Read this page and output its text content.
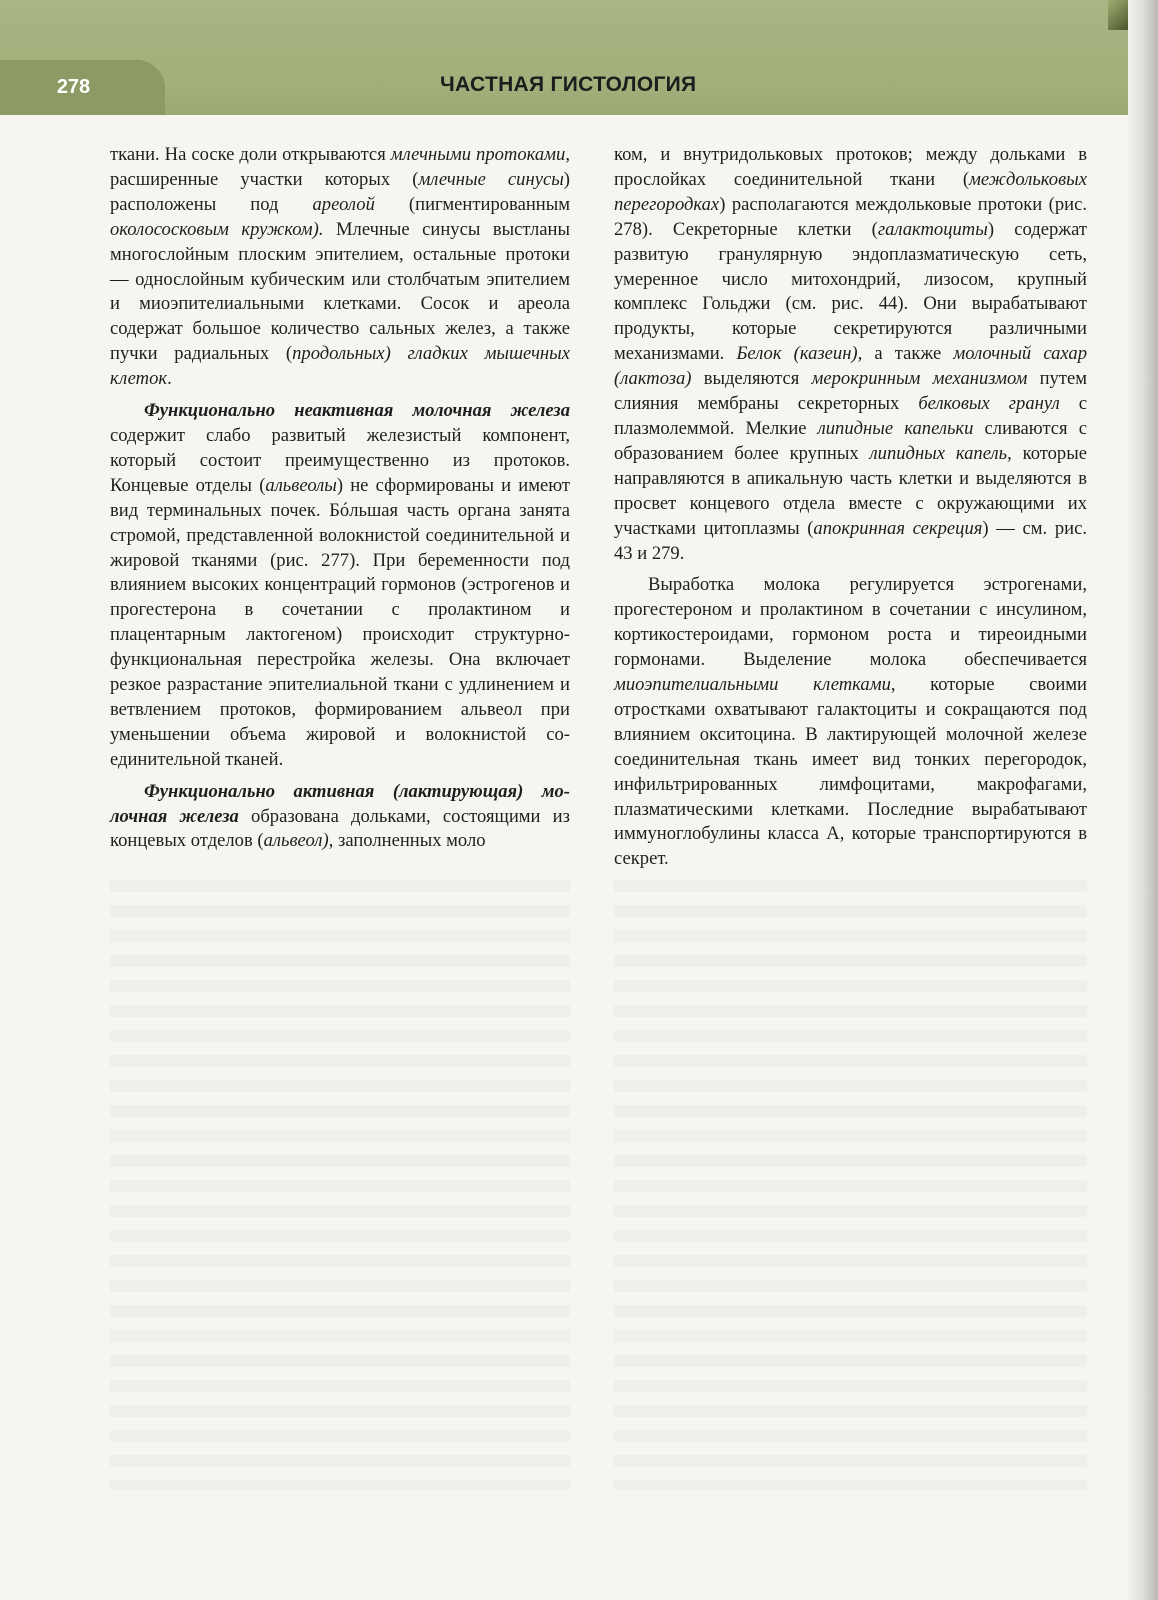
278	ЧАСТНАЯ ГИСТОЛОГИЯ

ткани. На соске доли открываются млечными протоками, расширенные участки которых (млечные синусы) расположены под ареолой (пигментированным околососковым кружком). Млечные синусы выстланы многослойным плоским эпителием, остальные протоки — однослойным кубическим или столбчатым эпителием и миоэпителиальными клетками. Сосок и ареола содержат большое количество сальных желез, а также пучки радиальных (продольных) гладких мышечных клеток.

Функционально неактивная молочная железа содержит слабо развитый железистый компонент, который состоит преимущественно из протоков. Концевые отделы (альвеолы) не сформированы и имеют вид терминальных почек. Бóльшая часть органа занята стромой, представленной волокнистой соединительной и жировой тканями (рис. 277). При беременности под влиянием высоких концентраций гормонов (эстрогенов и прогестерона в сочетании с пролактином и плацентарным лактогеном) происходит структурно-функциональная перестройка железы. Она включает резкое разрастание эпителиальной ткани с удлинением и ветвлением протоков, формированием альвеол при уменьшении объема жировой и волокнистой соединительной тканей.

Функционально активная (лактирующая) молочная железа образована дольками, состоящими из концевых отделов (альвеол), заполненных моло

ком, и внутридольковых протоков; между дольками в прослойках соединительной ткани (междольковых перегородках) располагаются междольковые протоки (рис. 278). Секреторные клетки (галактоциты) содержат развитую гранулярную эндоплазматическую сеть, умеренное число митохондрий, лизосом, крупный комплекс Гольджи (см. рис. 44). Они вырабатывают продукты, которые секретируются различными механизмами. Белок (казеин), а также молочный сахар (лактоза) выделяются мерокринным механизмом путем слияния мембраны секреторных белковых гранул с плазмолеммой. Мелкие липидные капельки сливаются с образованием более крупных липидных капель, которые направляются в апикальную часть клетки и выделяются в просвет концевого отдела вместе с окружающими их участками цитоплазмы (апокринная секреция) — см. рис. 43 и 279.

Выработка молока регулируется эстрогенами, прогестероном и пролактином в сочетании с инсулином, кортикостероидами, гормоном роста и тиреоидными гормонами. Выделение молока обеспечивается миоэпителиальными клетками, которые своими отростками охватывают галактоциты и сокращаются под влиянием окситоцина. В лактирующей молочной железе соединительная ткань имеет вид тонких перегородок, инфильтрированных лимфоцитами, макрофагами, плазматическими клетками. Последние вырабатывают иммуноглобулины класса А, которые транспортируются в секрет.
